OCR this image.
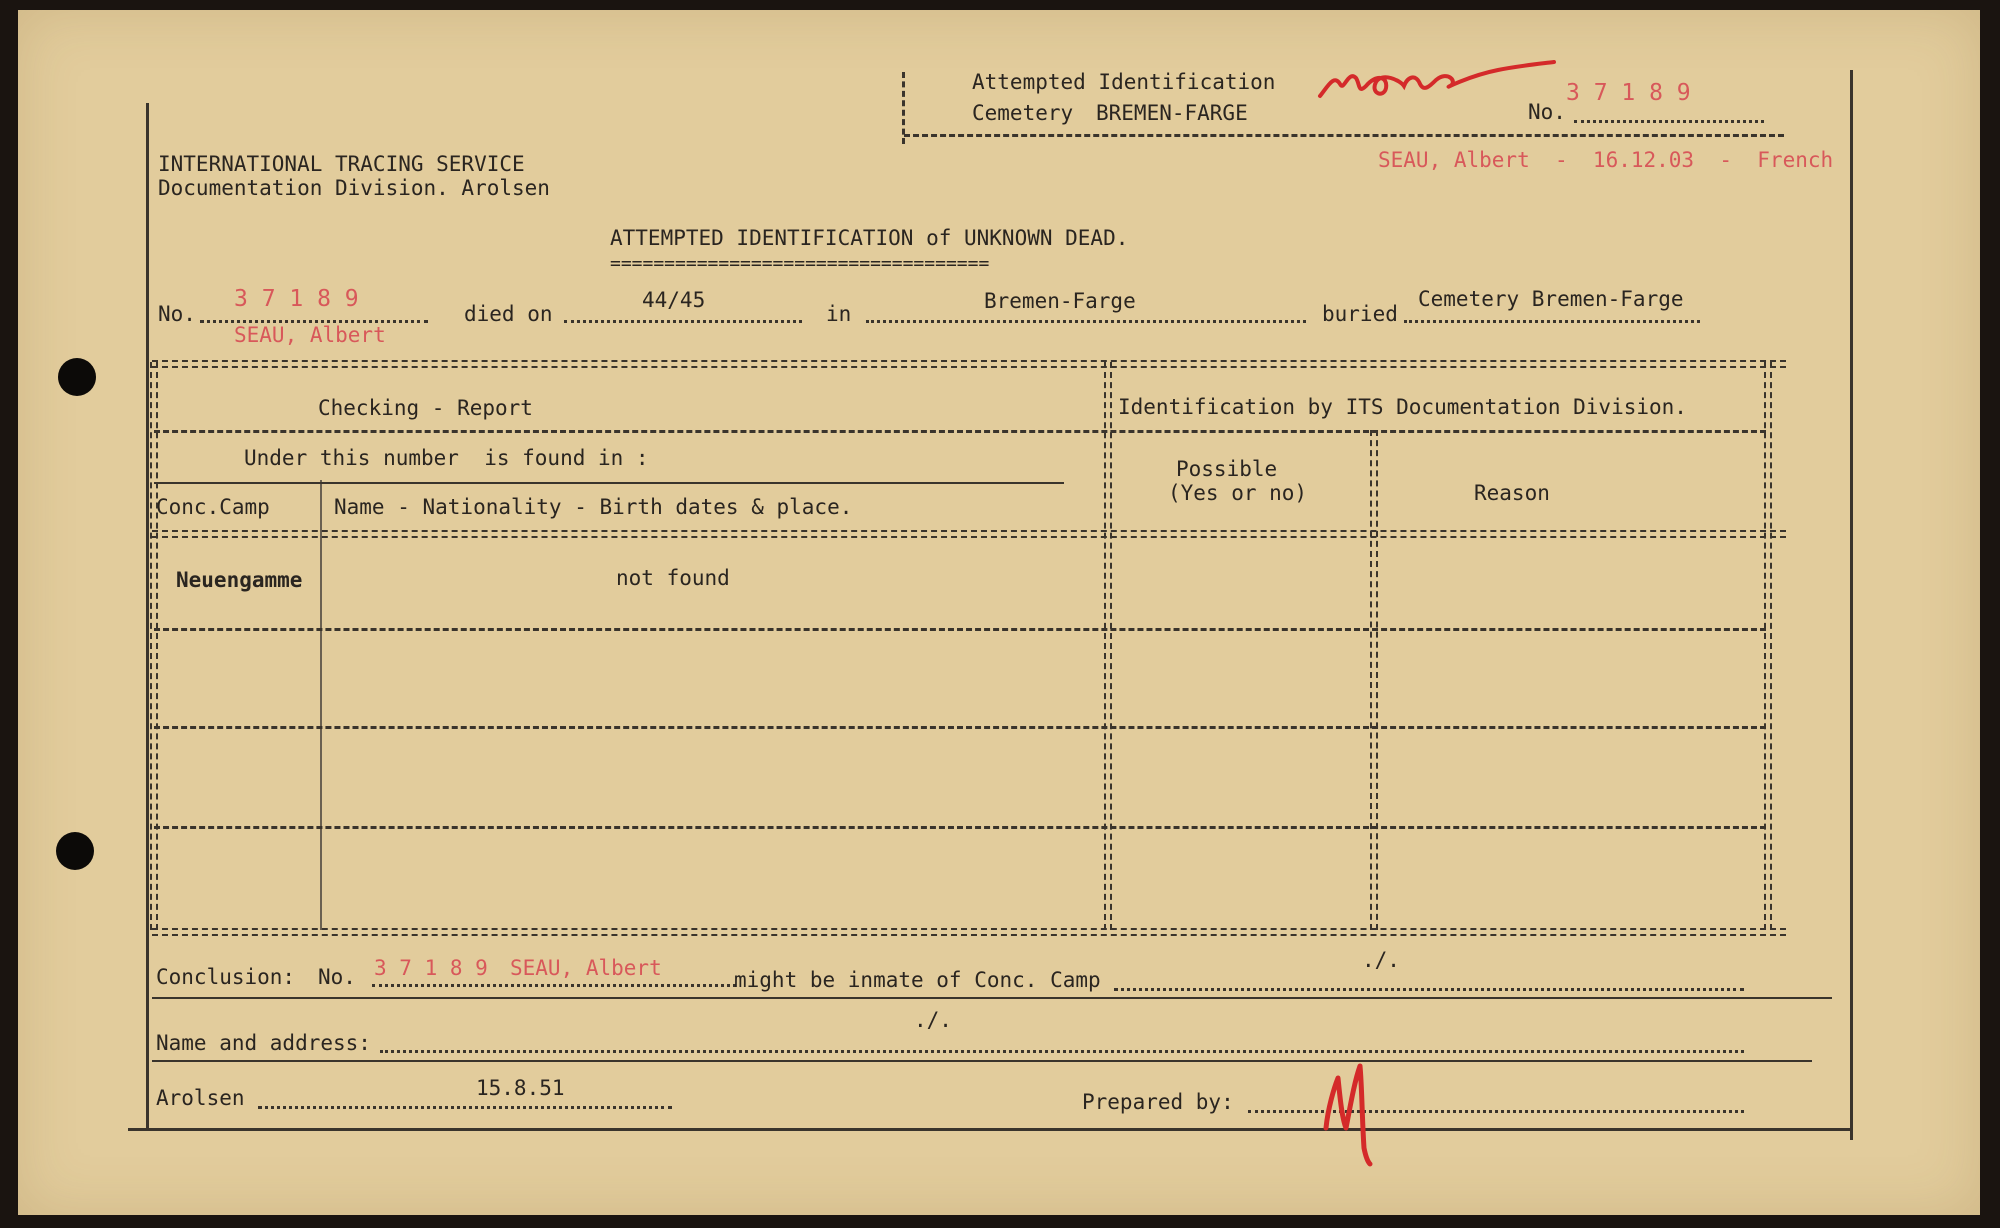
Attempted Identification
Cemetery BREMEN-FARGE	No.
3 7 1 8 9
SEAU, Albert  -  16.12.03  -  French
INTERNATIONAL TRACING SERVICE
Documentation Division. Arolsen
ATTEMPTED IDENTIFICATION of UNKNOWN DEAD.
===================================
No.
3 7 1 8 9
SEAU, Albert
died on
44/45
in
Bremen-Farge
buried
Cemetery Bremen-Farge
Checking - Report	Identification by ITS Documentation Division.
Under this number  is found in :
Conc.Camp	Name - Nationality - Birth dates & place.
Possible
(Yes or no)	Reason
Neuengamme	not found
Conclusion: No. 3 7 1 8 9 SEAU, Albert	might be inmate of Conc. Camp
./.
Name and address:
./.
Arolsen	15.8.51
Prepared by:
